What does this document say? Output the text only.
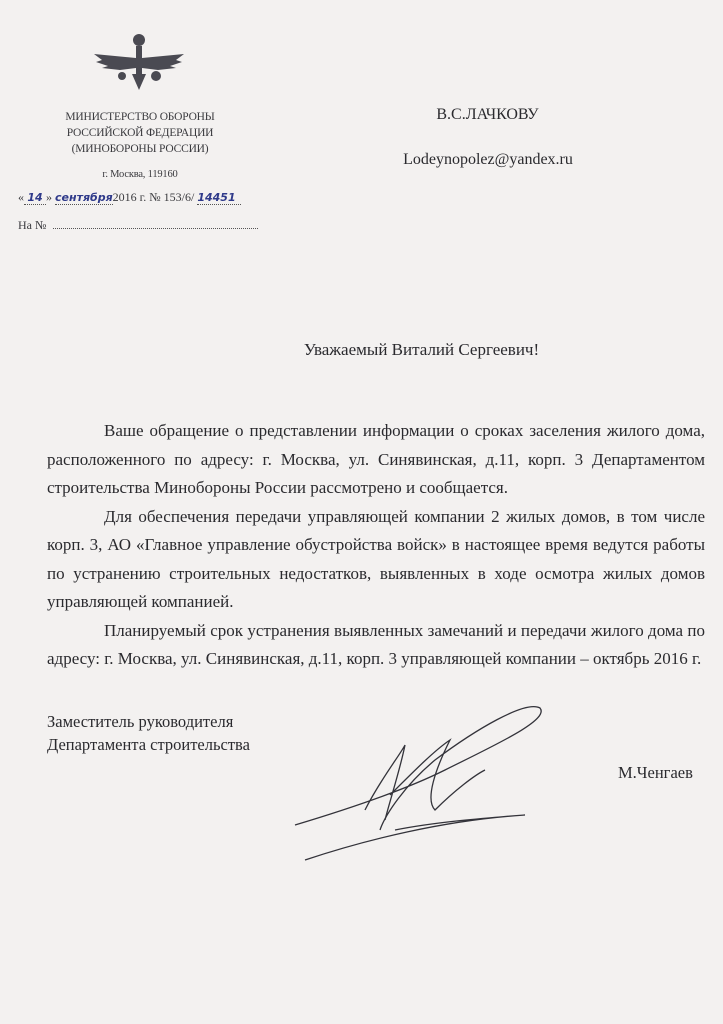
МИНИСТЕРСТВО ОБОРОНЫ
РОССИЙСКОЙ ФЕДЕРАЦИИ
(МИНОБОРОНЫ РОССИИ)
г. Москва, 119160
« 14 » сентября2016 г. № 153/6/ 14451
На №
В.С.ЛАЧКОВУ
Lodeynopolez@yandex.ru
Уважаемый Виталий Сергеевич!

Ваше обращение о представлении информации о сроках заселения жилого дома, расположенного по адресу: г. Москва, ул. Синявинская, д.11, корп. 3 Департаментом строительства Минобороны России рассмотрено и сообщается.

Для обеспечения передачи управляющей компании 2 жилых домов, в том числе корп. 3, АО «Главное управление обустройства войск» в настоящее время ведутся работы по устранению строительных недостатков, выявленных в ходе осмотра жилых домов управляющей компанией.

Планируемый срок устранения выявленных замечаний и передачи жилого дома по адресу: г. Москва, ул. Синявинская, д.11, корп. 3 управляющей компании – октябрь 2016 г.

Заместитель руководителя
Департамента строительства
М.Ченгаев
